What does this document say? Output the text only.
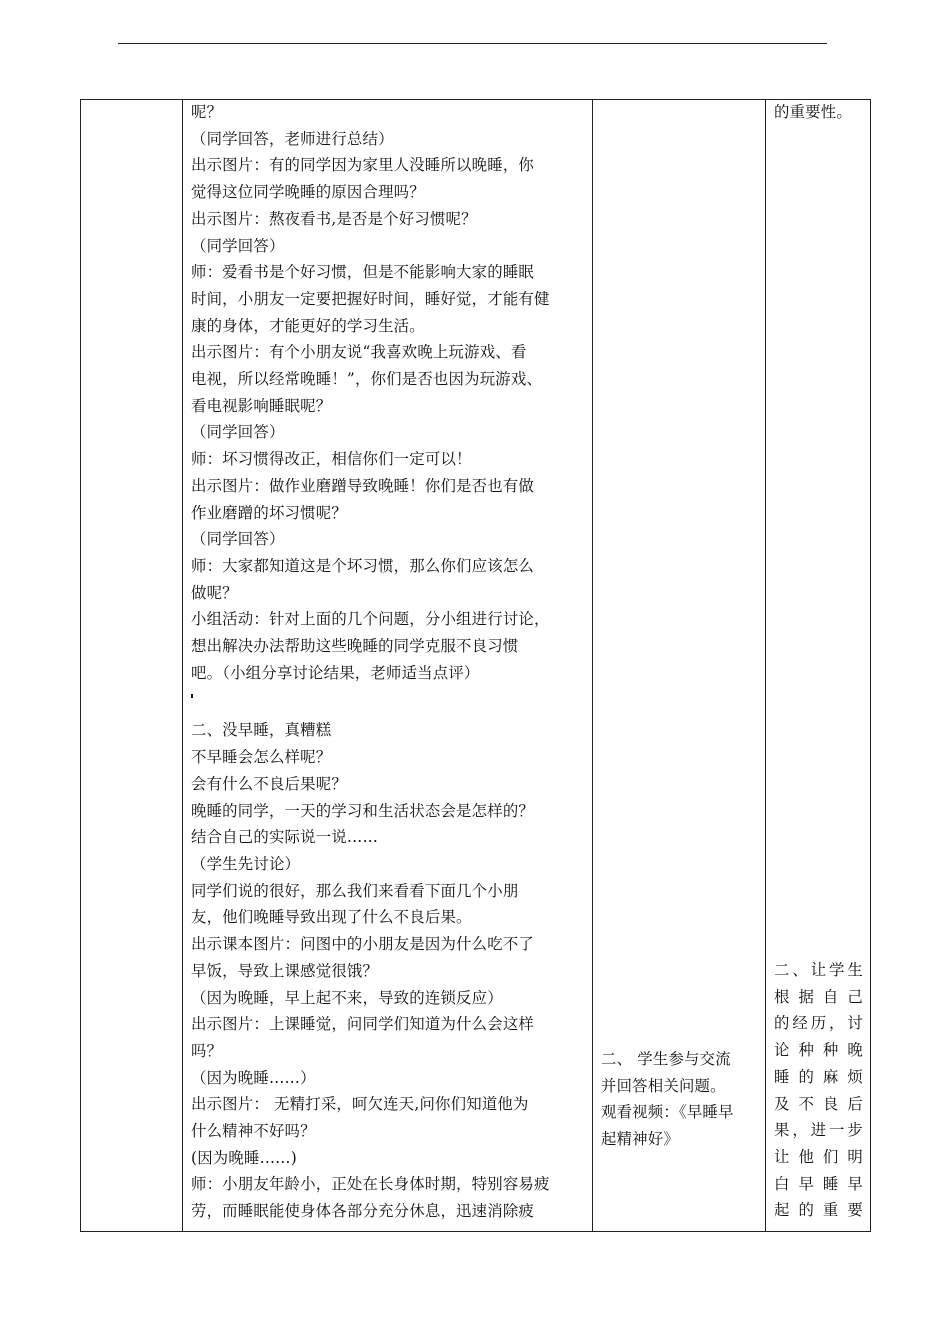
呢？
（同学回答，老师进行总结）
出示图片：有的同学因为家里人没睡所以晚睡，你
觉得这位同学晚睡的原因合理吗？
出示图片：熬夜看书,是否是个好习惯呢？
（同学回答）
师：爱看书是个好习惯，但是不能影响大家的睡眠
时间，小朋友一定要把握好时间，睡好觉，才能有健
康的身体，才能更好的学习生活。
出示图片：有个小朋友说“我喜欢晚上玩游戏、看
电视，所以经常晚睡！”，你们是否也因为玩游戏、
看电视影响睡眠呢？
（同学回答）
师：坏习惯得改正，相信你们一定可以！
出示图片：做作业磨蹭导致晚睡！你们是否也有做
作业磨蹭的坏习惯呢？
（同学回答）
师：大家都知道这是个坏习惯，那么你们应该怎么
做呢？
小组活动：针对上面的几个问题，分小组进行讨论，
想出解决办法帮助这些晚睡的同学克服不良习惯
吧。（小组分享讨论结果，老师适当点评）
二、没早睡，真糟糕
不早睡会怎么样呢？
会有什么不良后果呢？
晚睡的同学，一天的学习和生活状态会是怎样的？
结合自己的实际说一说……
（学生先讨论）
同学们说的很好，那么我们来看看下面几个小朋
友，他们晚睡导致出现了什么不良后果。
出示课本图片：问图中的小朋友是因为什么吃不了
早饭，导致上课感觉很饿？
（因为晚睡，早上起不来，导致的连锁反应）
出示图片：上课睡觉，问同学们知道为什么会这样
吗？
（因为晚睡……）
出示图片： 无精打采，呵欠连天,问你们知道他为
什么精神不好吗？
(因为晚睡……)
师：小朋友年龄小，正处在长身体时期，特别容易疲
劳，而睡眠能使身体各部分充分休息，迅速消除疲
二、 学生参与交流
并回答相关问题。
观看视频：《早睡早
起精神好》
的重要性。
二、让学生
根据自己
的经历，讨
论种种晚
睡的麻烦
及不良后
果，进一步
让他们明
白早睡早
起的重要
